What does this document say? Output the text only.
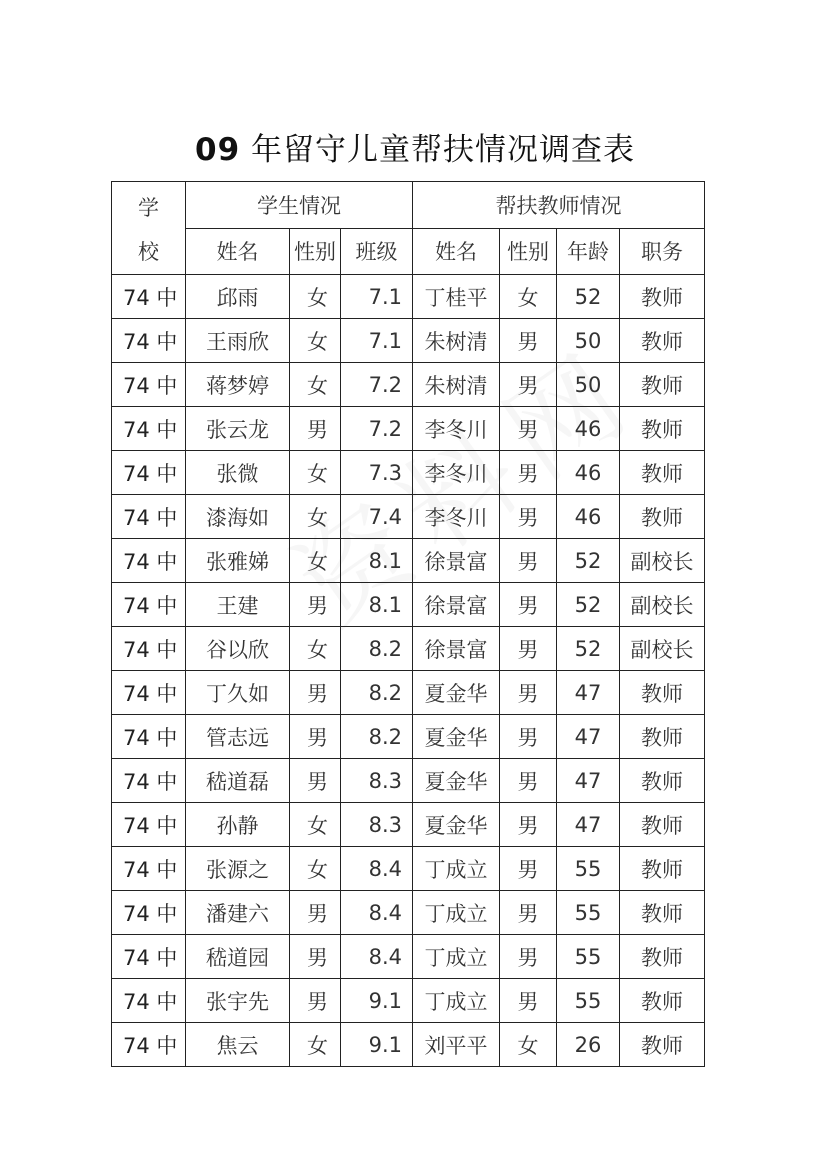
09 年留守儿童帮扶情况调查表
学
校	学生情况			帮扶教师情况			
	姓名	性别	班级	姓名	性别	年龄	职务
74 中	邱雨	女	7.1	丁桂平	女	52	教师
74 中	王雨欣	女	7.1	朱树清	男	50	教师
74 中	蒋梦婷	女	7.2	朱树清	男	50	教师
74 中	张云龙	男	7.2	李冬川	男	46	教师
74 中	张微	女	7.3	李冬川	男	46	教师
74 中	漆海如	女	7.4	李冬川	男	46	教师
74 中	张雅娣	女	8.1	徐景富	男	52	副校长
74 中	王建	男	8.1	徐景富	男	52	副校长
74 中	谷以欣	女	8.2	徐景富	男	52	副校长
74 中	丁久如	男	8.2	夏金华	男	47	教师
74 中	管志远	男	8.2	夏金华	男	47	教师
74 中	嵇道磊	男	8.3	夏金华	男	47	教师
74 中	孙静	女	8.3	夏金华	男	47	教师
74 中	张源之	女	8.4	丁成立	男	55	教师
74 中	潘建六	男	8.4	丁成立	男	55	教师
74 中	嵇道园	男	8.4	丁成立	男	55	教师
74 中	张宇先	男	9.1	丁成立	男	55	教师
74 中	焦云	女	9.1	刘平平	女	26	教师
